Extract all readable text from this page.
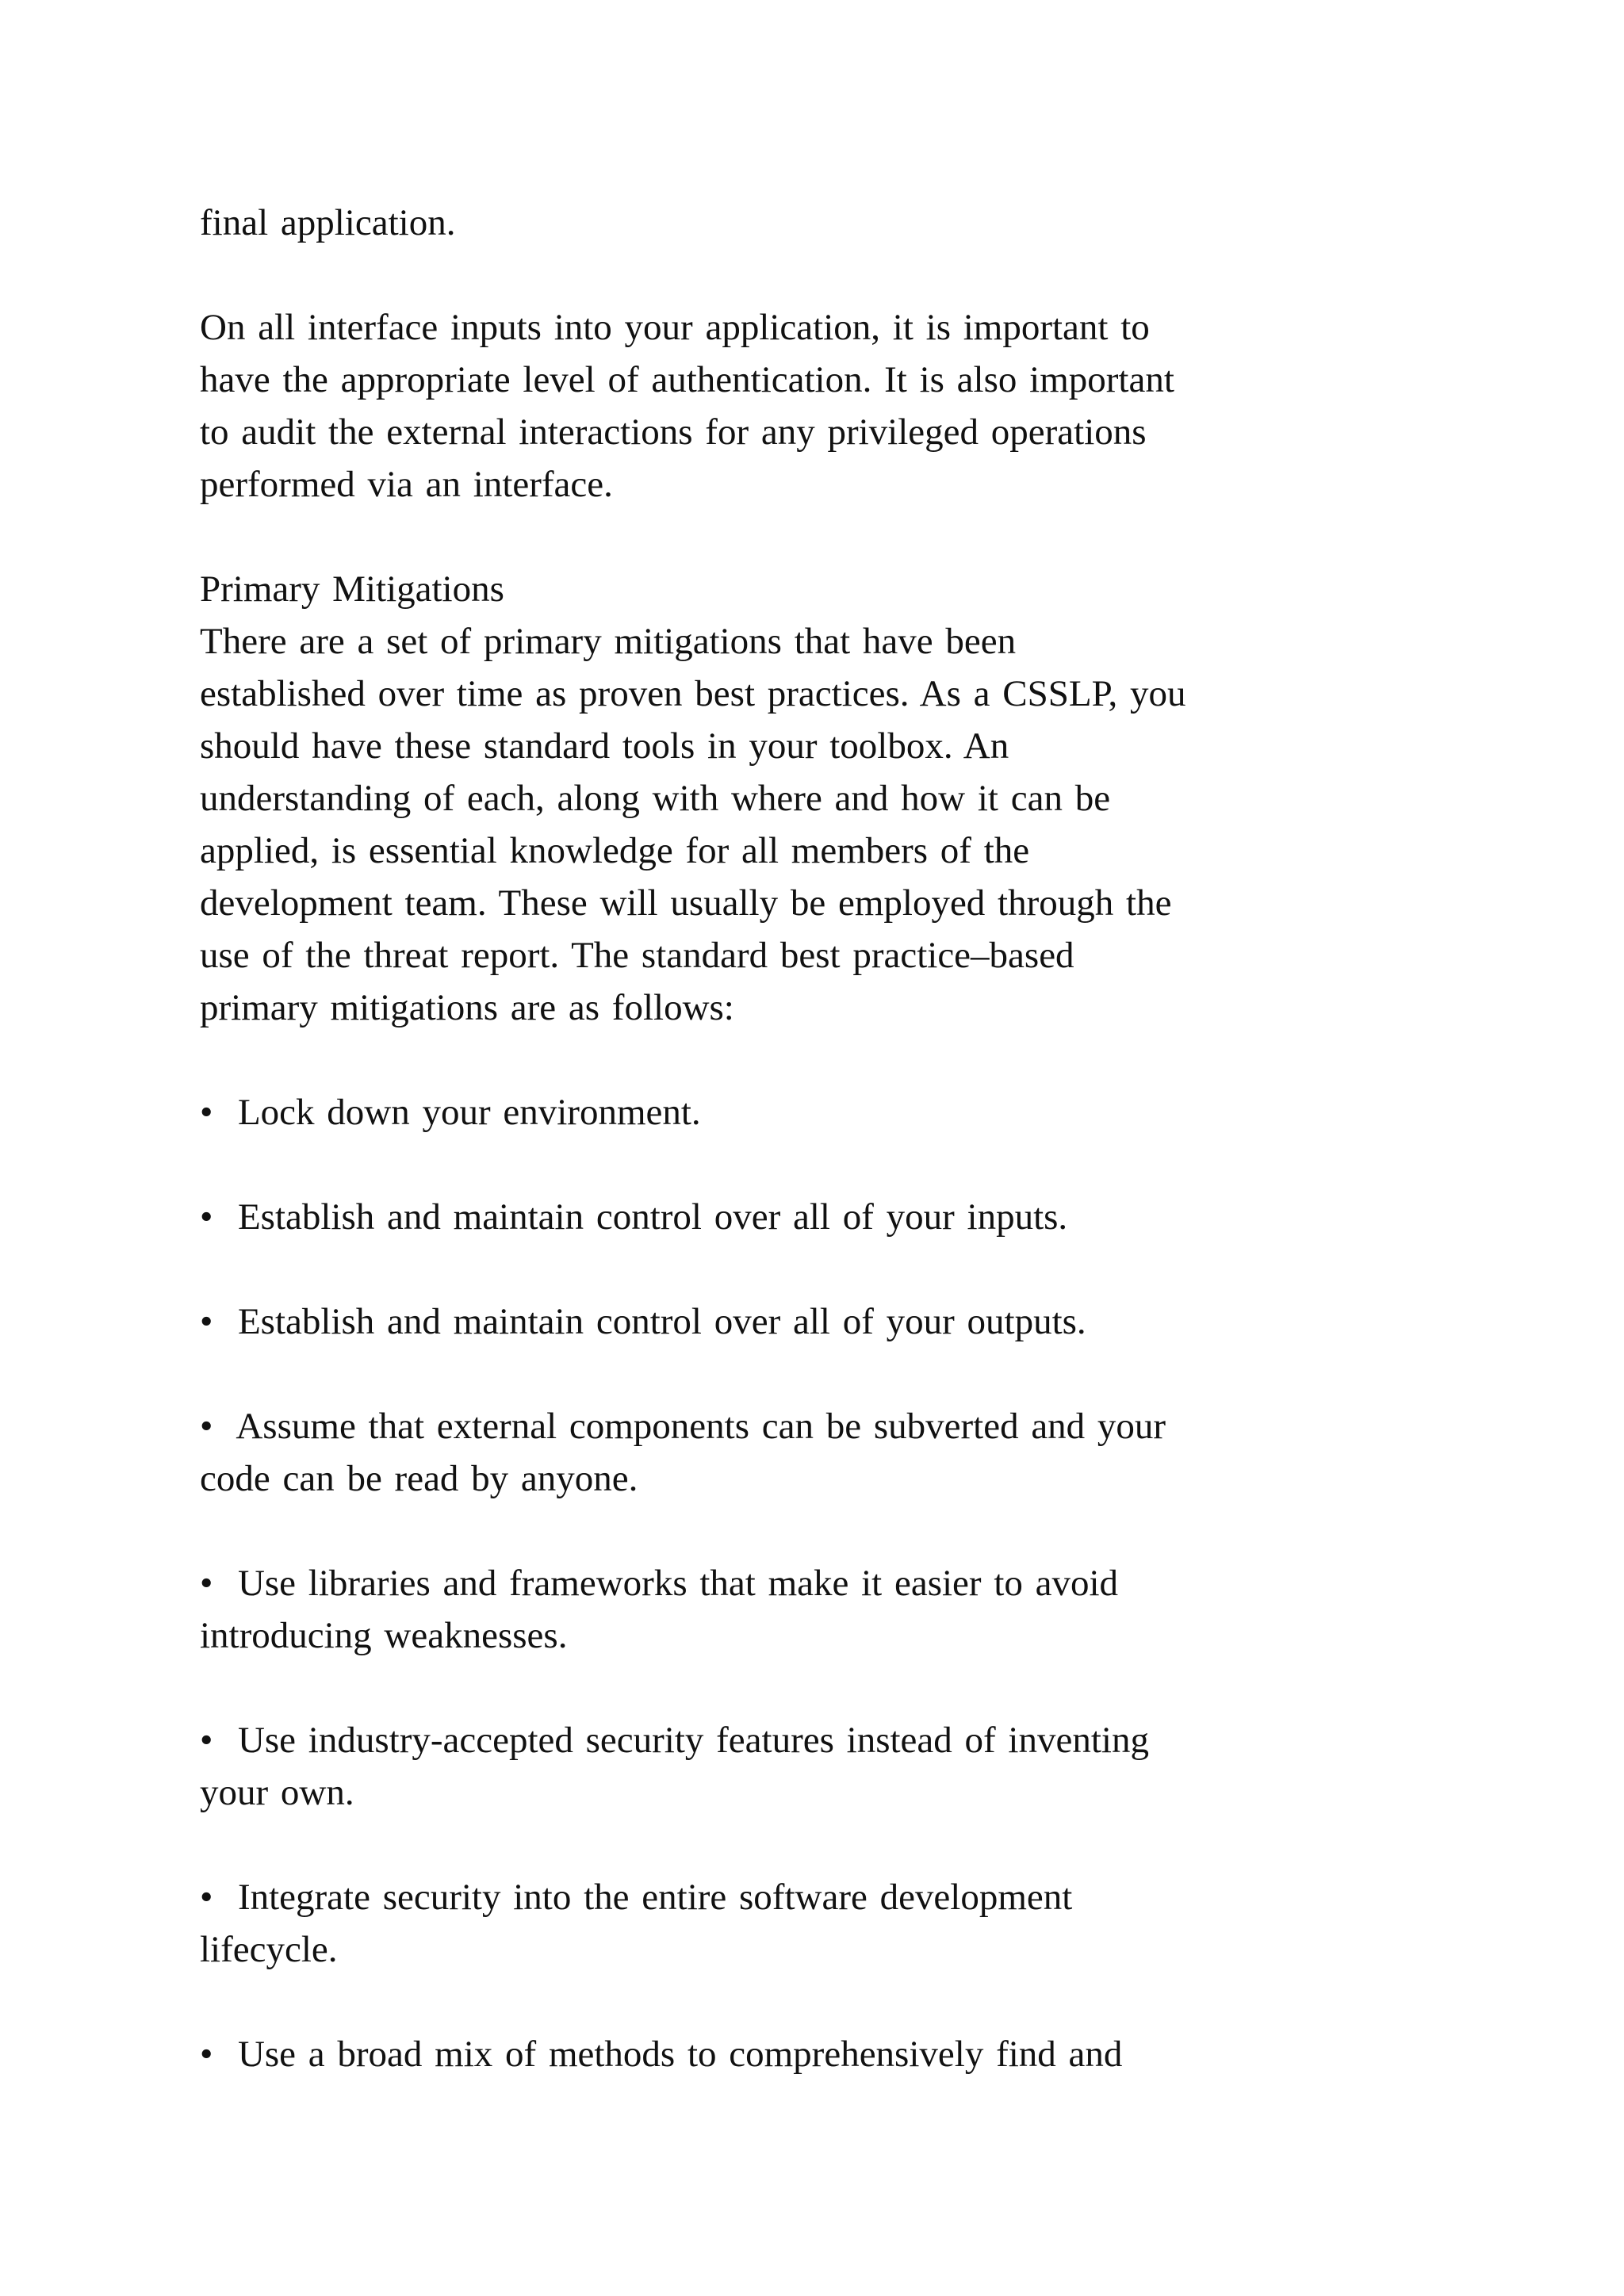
final application.

On all interface inputs into your application, it is important to

have the appropriate level of authentication. It is also important

to audit the external interactions for any privileged operations

performed via an interface.

Primary Mitigations

There are a set of primary mitigations that have been

established over time as proven best practices. As a CSSLP, you

should have these standard tools in your toolbox. An

understanding of each, along with where and how it can be

applied, is essential knowledge for all members of the

development team. These will usually be employed through the

use of the threat report. The standard best practice–based

primary mitigations are as follows:

•  Lock down your environment.

•  Establish and maintain control over all of your inputs.

•  Establish and maintain control over all of your outputs.

•  Assume that external components can be subverted and your

code can be read by anyone.

•  Use libraries and frameworks that make it easier to avoid

introducing weaknesses.

•  Use industry-accepted security features instead of inventing

your own.

•  Integrate security into the entire software development

lifecycle.

•  Use a broad mix of methods to comprehensively find and
